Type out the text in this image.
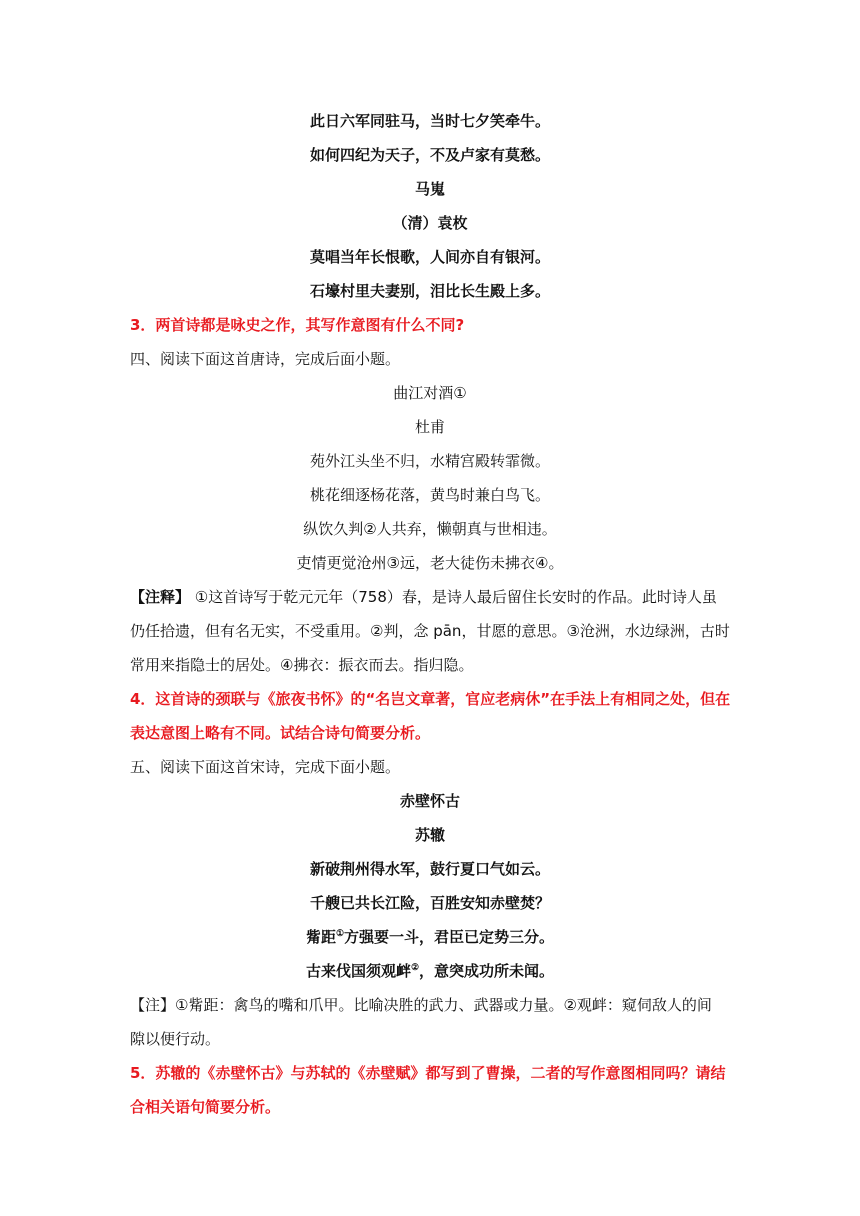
此日六军同驻马，当时七夕笑牵牛。
如何四纪为天子，不及卢家有莫愁。
马嵬
（清）袁枚
莫唱当年长恨歌，人间亦自有银河。
石壕村里夫妻别，泪比长生殿上多。
3．两首诗都是咏史之作，其写作意图有什么不同?
四、阅读下面这首唐诗，完成后面小题。
曲江对酒①
杜甫
苑外江头坐不归，水精宫殿转霏微。
桃花细逐杨花落，黄鸟时兼白鸟飞。
纵饮久判②人共弃，懒朝真与世相违。
吏情更觉沧州③远，老大徒伤未拂衣④。
【注释】 ①这首诗写于乾元元年（758）春，是诗人最后留住长安时的作品。此时诗人虽
仍任拾遗，但有名无实，不受重用。②判，念 pān，甘愿的意思。③沧洲，水边绿洲，古时
常用来指隐士的居处。④拂衣：振衣而去。指归隐。
4．这首诗的颈联与《旅夜书怀》的“名岂文章著，官应老病休”在手法上有相同之处，但在
表达意图上略有不同。试结合诗句简要分析。
五、阅读下面这首宋诗，完成下面小题。
赤壁怀古
苏辙
新破荆州得水军，鼓行夏口气如云。
千艘已共长江险，百胜安知赤壁焚？
觜距①方强要一斗，君臣已定势三分。
古来伐国须观衅②，意突成功所未闻。
【注】①觜距：禽鸟的嘴和爪甲。比喻决胜的武力、武器或力量。②观衅：窥伺敌人的间
隙以便行动。
5．苏辙的《赤壁怀古》与苏轼的《赤壁赋》都写到了曹操，二者的写作意图相同吗？请结
合相关语句简要分析。
